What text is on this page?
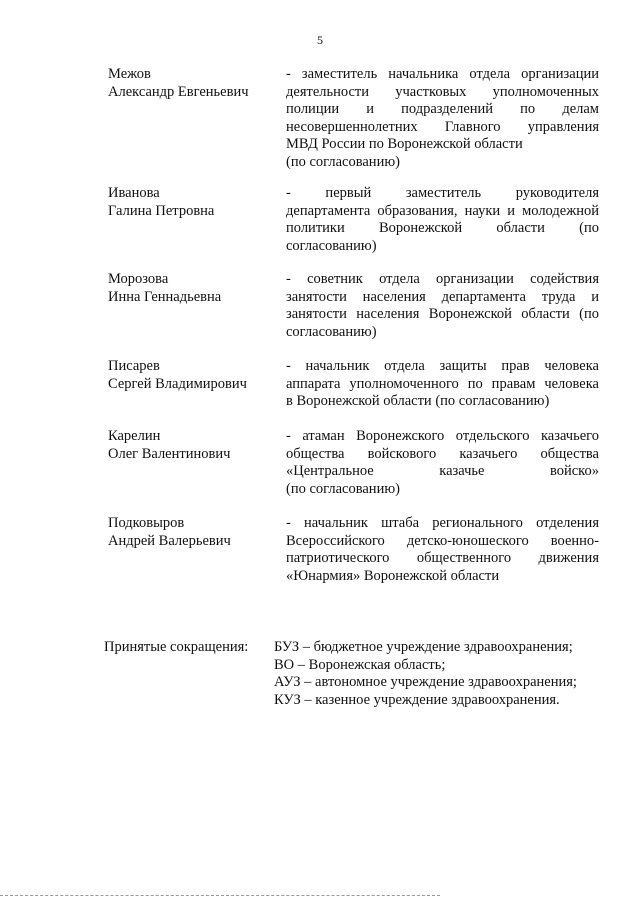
5
Межов
Александр Евгеньевич
- заместитель начальника отдела организации
деятельности участковых уполномоченных
полиции и подразделений по делам
несовершеннолетних Главного управления
МВД России по Воронежской области
(по согласованию)
Иванова
Галина Петровна
- первый заместитель руководителя
департамента образования, науки и молодежной
политики Воронежской области (по
согласованию)
Морозова
Инна Геннадьевна
- советник отдела организации содействия
занятости населения департамента труда и
занятости населения Воронежской области (по
согласованию)
Писарев
Сергей Владимирович
- начальник отдела защиты прав человека
аппарата уполномоченного по правам человека
в Воронежской области (по согласованию)
Карелин
Олег Валентинович
- атаман Воронежского отдельского казачьего
общества войскового казачьего общества
«Центральное казачье войско»
(по согласованию)
Подковыров
Андрей Валерьевич
- начальник штаба регионального отделения
Всероссийского детско-юношеского военно-
патриотического общественного движения
«Юнармия» Воронежской области
Принятые сокращения: БУЗ – бюджетное учреждение здравоохранения;
ВО – Воронежская область;
АУЗ – автономное учреждение здравоохранения;
КУЗ – казенное учреждение здравоохранения.
